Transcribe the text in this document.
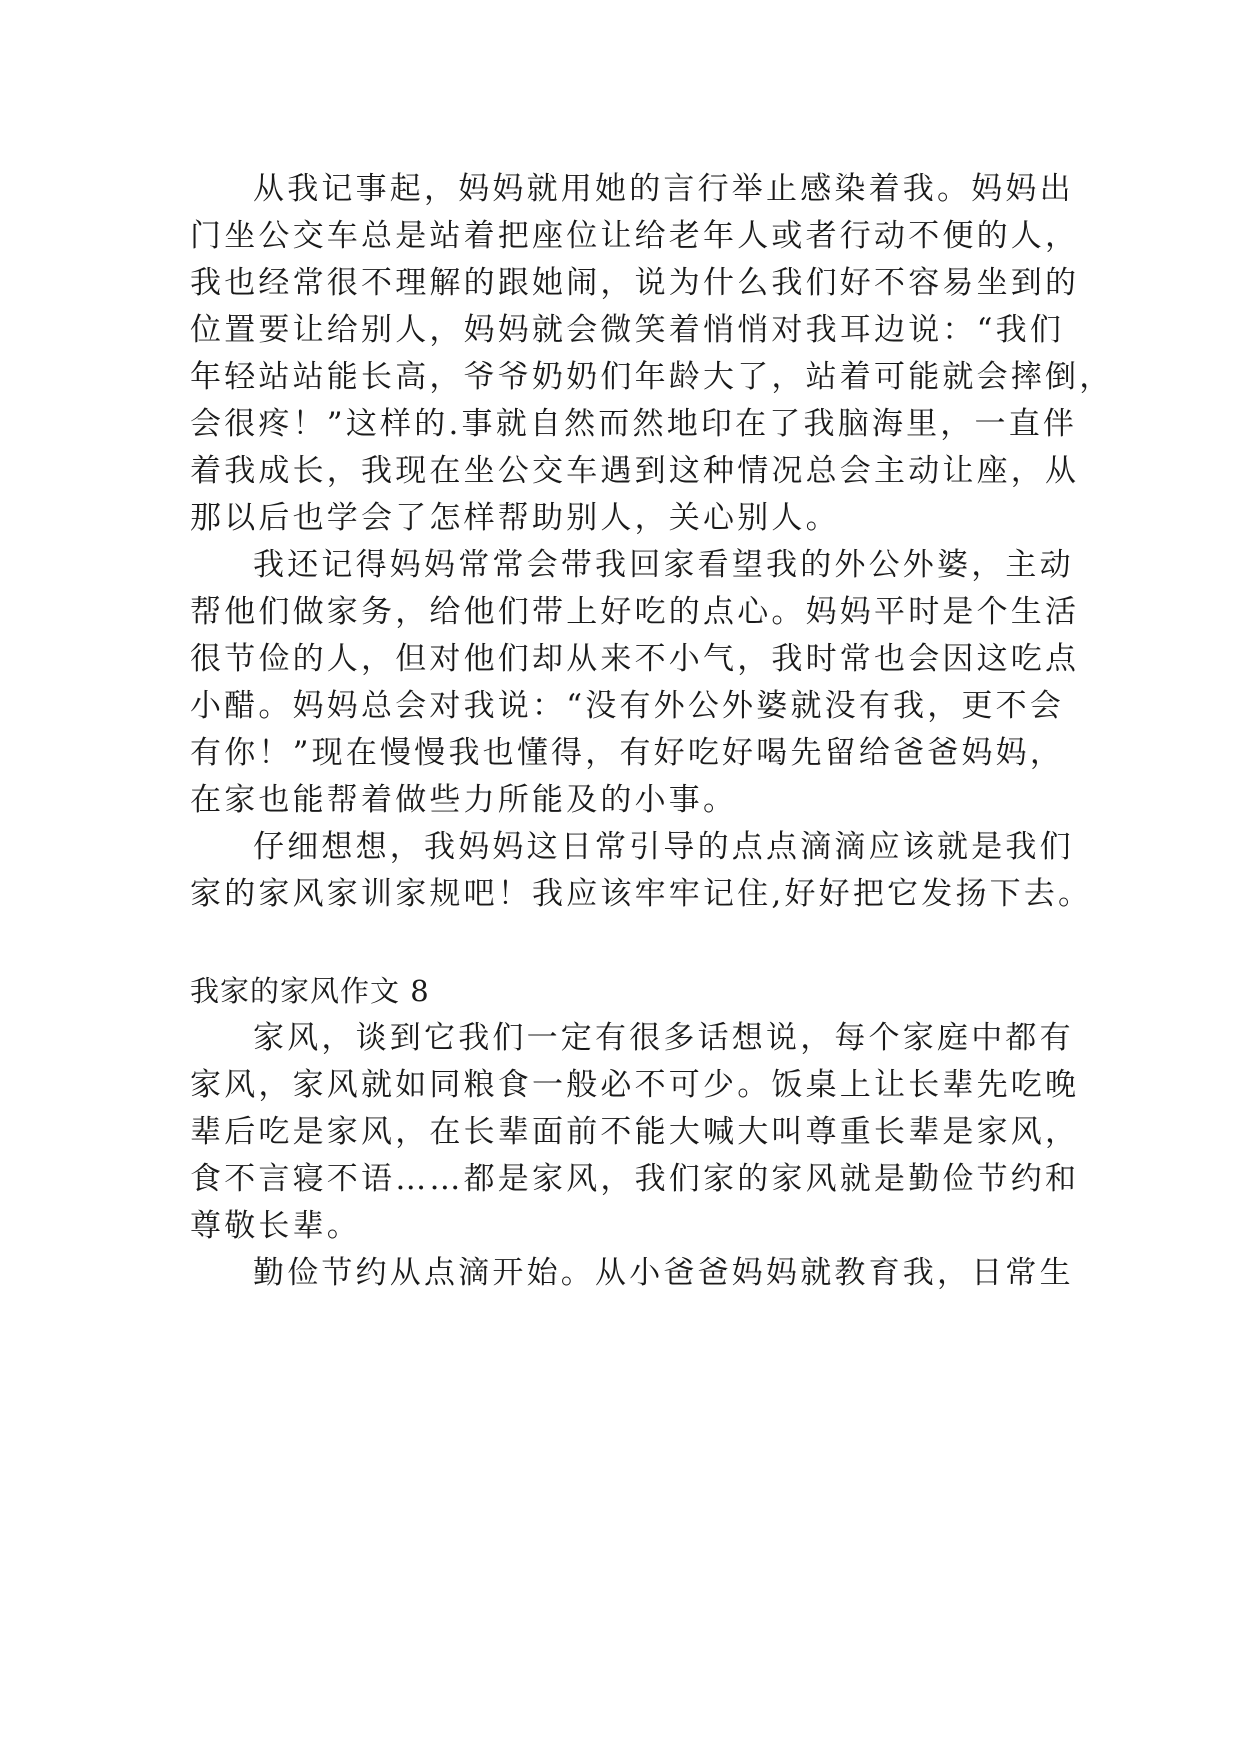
从我记事起，妈妈就用她的言行举止感染着我。妈妈出
门坐公交车总是站着把座位让给老年人或者行动不便的人，
我也经常很不理解的跟她闹，说为什么我们好不容易坐到的
位置要让给别人，妈妈就会微笑着悄悄对我耳边说：“我们
年轻站站能长高，爷爷奶奶们年龄大了，站着可能就会摔倒，
会很疼！”这样的.事就自然而然地印在了我脑海里，一直伴
着我成长，我现在坐公交车遇到这种情况总会主动让座，从
那以后也学会了怎样帮助别人，关心别人。
我还记得妈妈常常会带我回家看望我的外公外婆，主动
帮他们做家务，给他们带上好吃的点心。妈妈平时是个生活
很节俭的人，但对他们却从来不小气，我时常也会因这吃点
小醋。妈妈总会对我说：“没有外公外婆就没有我，更不会
有你！”现在慢慢我也懂得，有好吃好喝先留给爸爸妈妈，
在家也能帮着做些力所能及的小事。
仔细想想，我妈妈这日常引导的点点滴滴应该就是我们
家的家风家训家规吧！我应该牢牢记住,好好把它发扬下去。
我家的家风作文 8
家风，谈到它我们一定有很多话想说，每个家庭中都有
家风，家风就如同粮食一般必不可少。饭桌上让长辈先吃晚
辈后吃是家风，在长辈面前不能大喊大叫尊重长辈是家风，
食不言寝不语……都是家风，我们家的家风就是勤俭节约和
尊敬长辈。
勤俭节约从点滴开始。从小爸爸妈妈就教育我，日常生
